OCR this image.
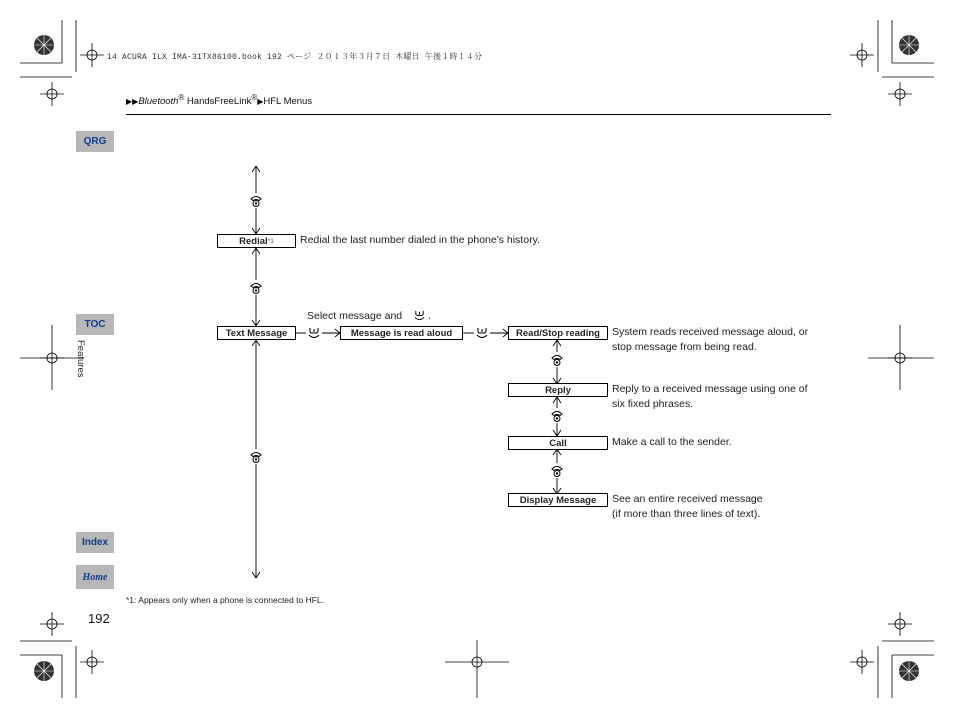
14 ACURA ILX IMA-31TX86100.book 192 ページ ２０１３年３月７日 木曜日 午後１時１４分
▶▶Bluetooth® HandsFreeLink®▶HFL Menus
QRG
TOC
Features
Index
Home
Redial *1
Text Message	Message is read aloud	Read/Stop reading
Reply
Call
Display Message
Redial the last number dialed in the phone's history.
Select message and .
System reads received message aloud, or
stop message from being read.
Reply to a received message using one of
six fixed phrases.
Make a call to the sender.
See an entire received message
(if more than three lines of text).
*1: Appears only when a phone is connected to HFL.
192
